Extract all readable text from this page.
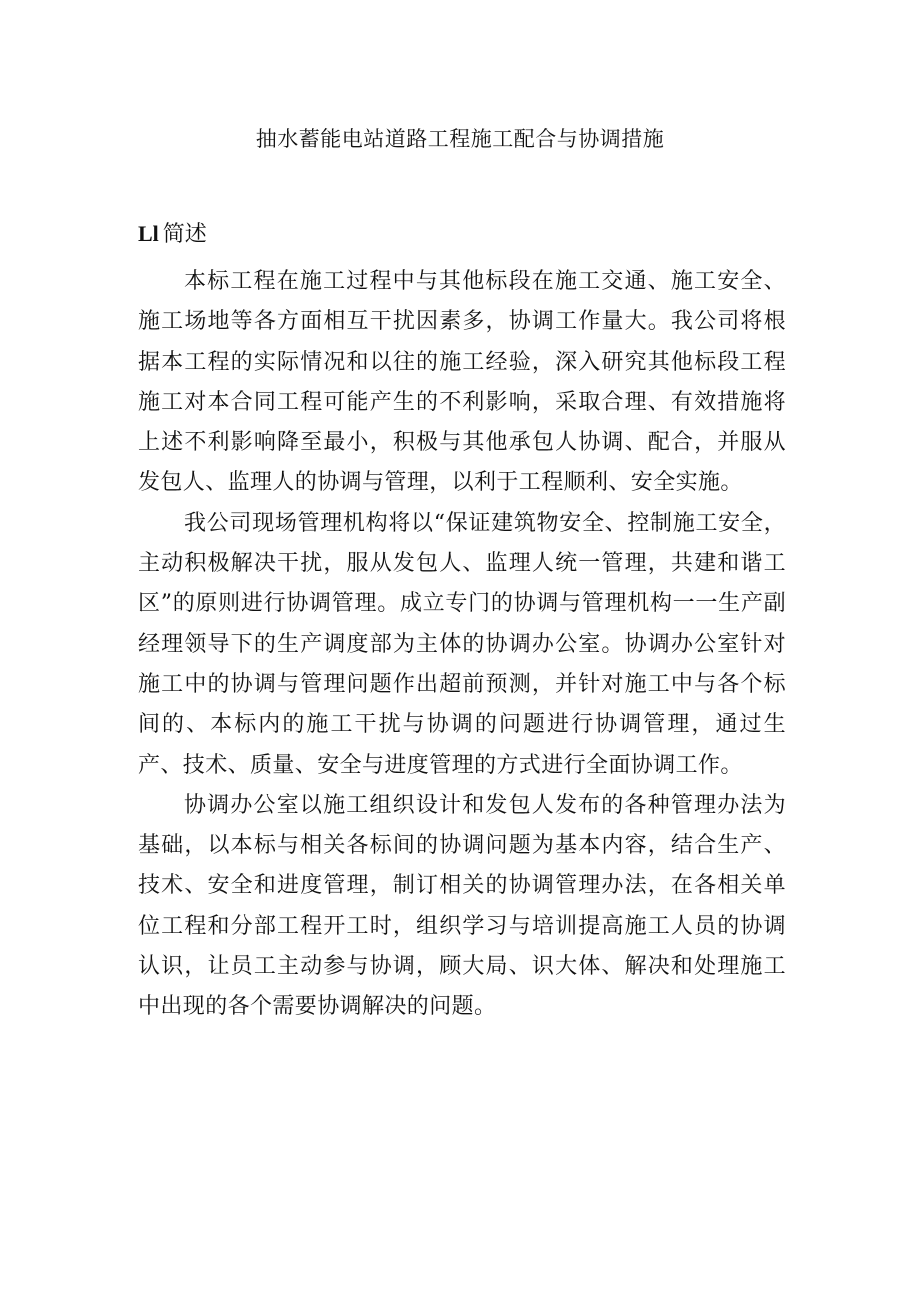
抽水蓄能电站道路工程施工配合与协调措施
Ll 简述

本标工程在施工过程中与其他标段在施工交通、施工安全、施工场地等各方面相互干扰因素多，协调工作量大。我公司将根据本工程的实际情况和以往的施工经验，深入研究其他标段工程施工对本合同工程可能产生的不利影响，采取合理、有效措施将上述不利影响降至最小，积极与其他承包人协调、配合，并服从发包人、监理人的协调与管理，以利于工程顺利、安全实施。

我公司现场管理机构将以“保证建筑物安全、控制施工安全，主动积极解决干扰，服从发包人、监理人统一管理，共建和谐工区”的原则进行协调管理。成立专门的协调与管理机构一一生产副经理领导下的生产调度部为主体的协调办公室。协调办公室针对施工中的协调与管理问题作出超前预测，并针对施工中与各个标间的、本标内的施工干扰与协调的问题进行协调管理，通过生产、技术、质量、安全与进度管理的方式进行全面协调工作。

协调办公室以施工组织设计和发包人发布的各种管理办法为基础，以本标与相关各标间的协调问题为基本内容，结合生产、技术、安全和进度管理，制订相关的协调管理办法，在各相关单位工程和分部工程开工时，组织学习与培训提高施工人员的协调认识，让员工主动参与协调，顾大局、识大体、解决和处理施工中出现的各个需要协调解决的问题。
